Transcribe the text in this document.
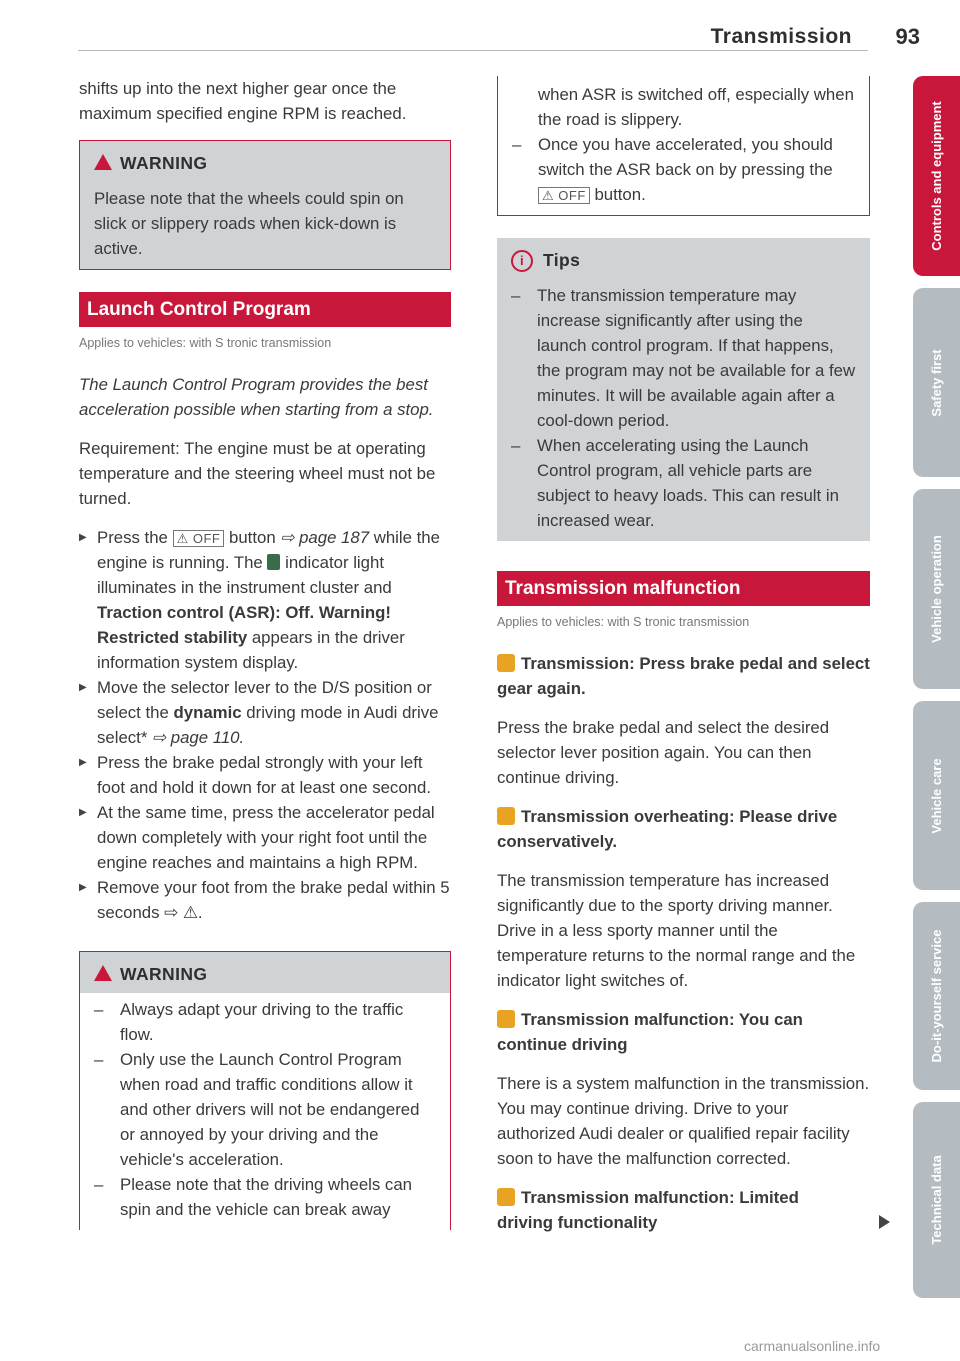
Transmission 93

shifts up into the next higher gear once the maximum specified engine RPM is reached.

WARNING
Please note that the wheels could spin on slick or slippery roads when kick-down is active.
Launch Control Program
Applies to vehicles: with S tronic transmission

The Launch Control Program provides the best acceleration possible when starting from a stop.

Requirement: The engine must be at operating temperature and the steering wheel must not be turned.

▶ Press the ⚠ OFF button ⇨ page 187 while the engine is running. The indicator light illuminates in the instrument cluster and Traction control (ASR): Off. Warning! Restricted stability appears in the driver information system display.
▶ Move the selector lever to the D/S position or select the dynamic driving mode in Audi drive select* ⇨ page 110.
▶ Press the brake pedal strongly with your left foot and hold it down for at least one second.
▶ At the same time, press the accelerator pedal down completely with your right foot until the engine reaches and maintains a high RPM.
▶ Remove your foot from the brake pedal within 5 seconds ⇨ ⚠.
WARNING
– Always adapt your driving to the traffic flow.
– Only use the Launch Control Program when road and traffic conditions allow it and other drivers will not be endangered or annoyed by your driving and the vehicle's acceleration.
– Please note that the driving wheels can spin and the vehicle can break away
when ASR is switched off, especially when the road is slippery.
– Once you have accelerated, you should switch the ASR back on by pressing the ⚠ OFF button.
i Tips
– The transmission temperature may increase significantly after using the launch control program. If that happens, the program may not be available for a few minutes. It will be available again after a cool-down period.
– When accelerating using the Launch Control program, all vehicle parts are subject to heavy loads. This can result in increased wear.
Transmission malfunction
Applies to vehicles: with S tronic transmission

Transmission: Press brake pedal and select gear again.

Press the brake pedal and select the desired selector lever position again. You can then continue driving.

Transmission overheating: Please drive conservatively.

The transmission temperature has increased significantly due to the sporty driving manner. Drive in a less sporty manner until the temperature returns to the normal range and the indicator light switches of.

Transmission malfunction: You can continue driving

There is a system malfunction in the transmission. You may continue driving. Drive to your authorized Audi dealer or qualified repair facility soon to have the malfunction corrected.

Transmission malfunction: Limited driving functionality

Controls and equipment
Safety first
Vehicle operation
Vehicle care
Do-it-yourself service
Technical data
carmanualsonline.info
